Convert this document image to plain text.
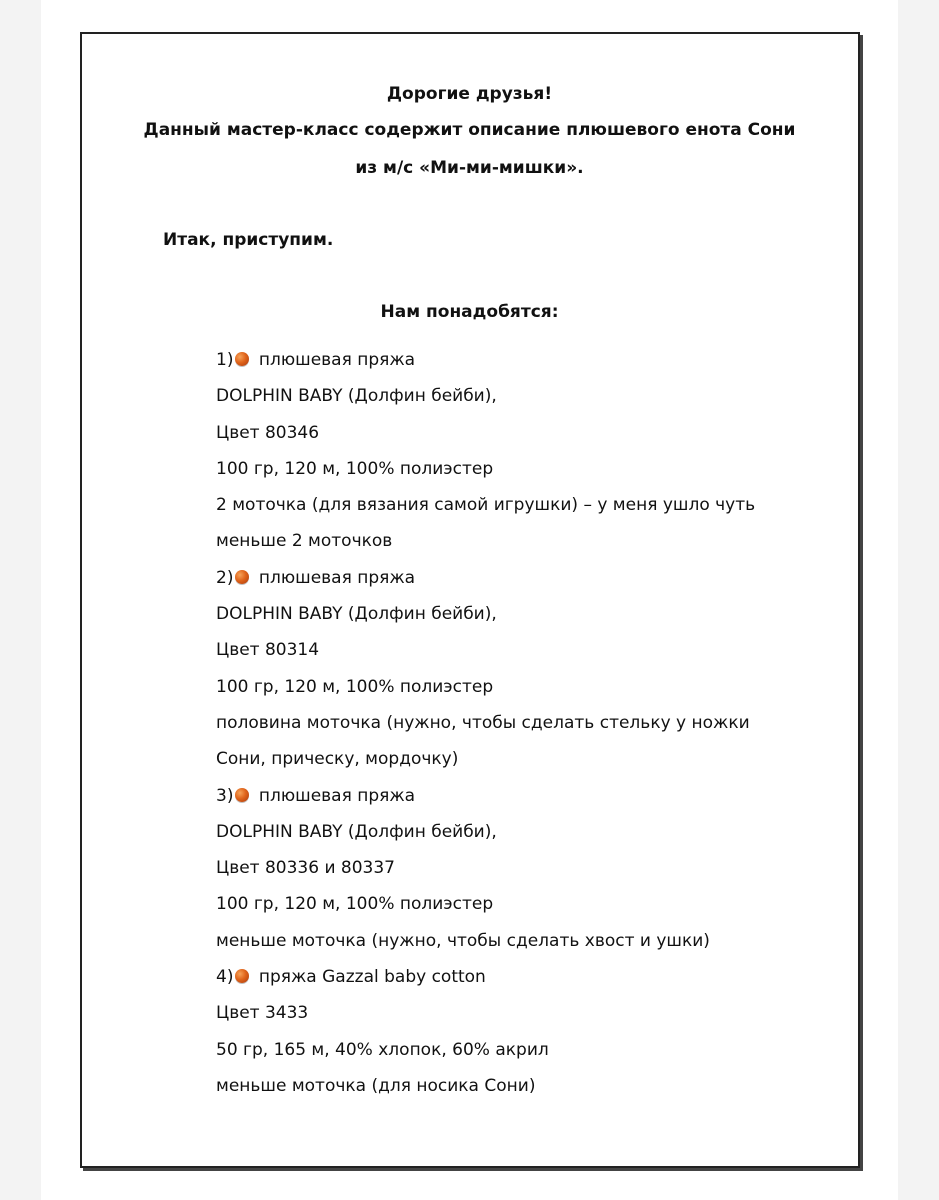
Дорогие друзья!
Данный мастер-класс содержит описание плюшевого енота Сони
из м/с «Ми-ми-мишки».
Итак, приступим.
Нам понадобятся:
1) плюшевая пряжа
DOLPHIN BABY (Долфин бейби),
Цвет 80346
100 гр, 120 м, 100% полиэстер
2 моточка (для вязания самой игрушки) – у меня ушло чуть
меньше 2 моточков
2) плюшевая пряжа
DOLPHIN BABY (Долфин бейби),
Цвет 80314
100 гр, 120 м, 100% полиэстер
половина моточка (нужно, чтобы сделать стельку у ножки
Сони, прическу, мордочку)
3) плюшевая пряжа
DOLPHIN BABY (Долфин бейби),
Цвет 80336 и 80337
100 гр, 120 м, 100% полиэстер
меньше моточка (нужно, чтобы сделать хвост и ушки)
4) пряжа Gazzal baby cotton
Цвет 3433
50 гр, 165 м, 40% хлопок, 60% акрил
меньше моточка (для носика Сони)
